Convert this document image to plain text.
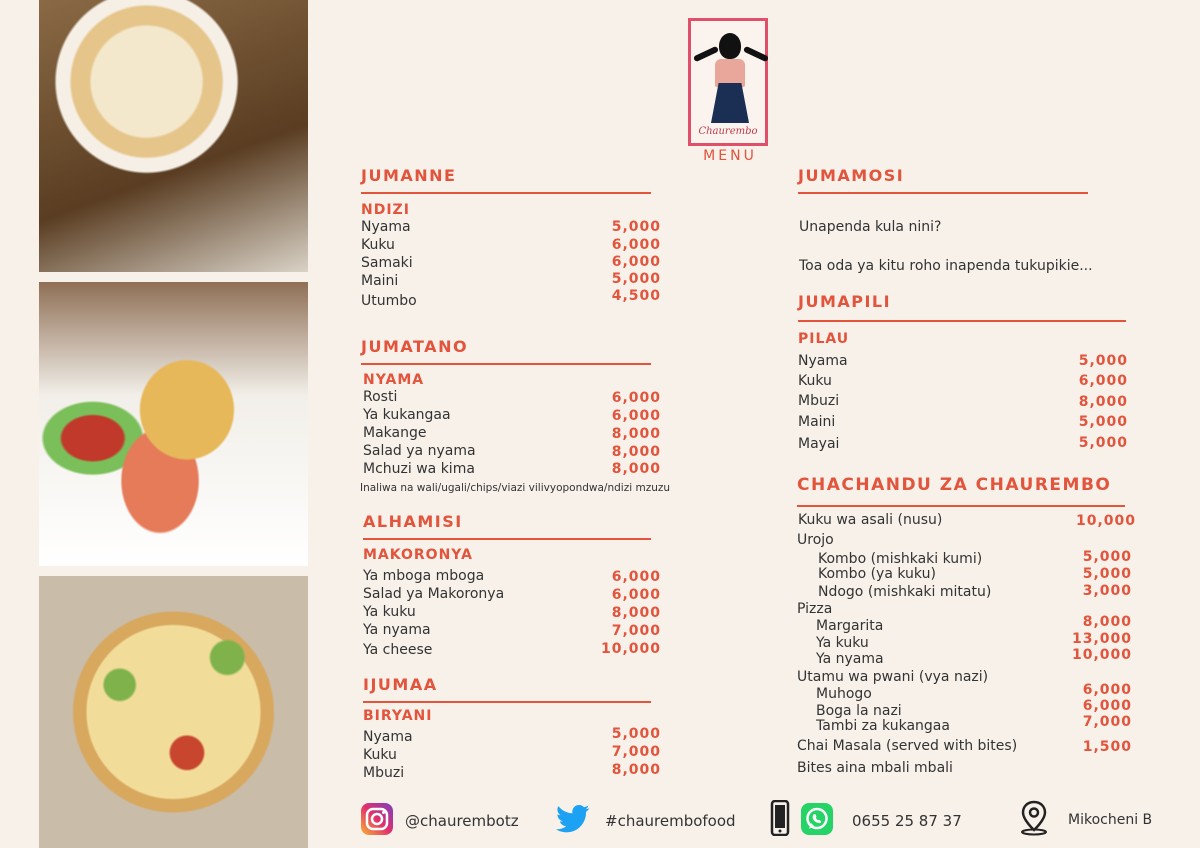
Chaurembo
MENU
JUMANNE
NDIZI
Nyama	5,000
Kuku	6,000
Samaki	6,000
Maini	5,000
Utumbo	4,500
JUMATANO
NYAMA
Rosti	6,000
Ya kukangaa	6,000
Makange	8,000
Salad ya nyama	8,000
Mchuzi wa kima	8,000
Inaliwa na wali/ugali/chips/viazi vilivyopondwa/ndizi mzuzu
ALHAMISI
MAKORONYA
Ya mboga mboga	6,000
Salad ya Makoronya	6,000
Ya kuku	8,000
Ya nyama	7,000
Ya cheese	10,000
IJUMAA
BIRYANI
Nyama	5,000
Kuku	7,000
Mbuzi	8,000
JUMAMOSI
Unapenda kula nini?
Toa oda ya kitu roho inapenda tukupikie...
JUMAPILI
PILAU
Nyama	5,000
Kuku	6,000
Mbuzi	8,000
Maini	5,000
Mayai	5,000
CHACHANDU ZA CHAUREMBO
Kuku wa asali (nusu)	10,000
Urojo
Kombo (mishkaki kumi)	5,000
Kombo (ya kuku)	5,000
Ndogo (mishkaki mitatu)	3,000
Pizza
Margarita	8,000
Ya kuku	13,000
Ya nyama	10,000
Utamu wa pwani (vya nazi)
Muhogo	6,000
Boga la nazi	6,000
Tambi za kukangaa	7,000
Chai Masala (served with bites)	1,500
Bites aina mbali mbali
@chaurembotz	#chaurembofood	0655 25 87 37	Mikocheni B
